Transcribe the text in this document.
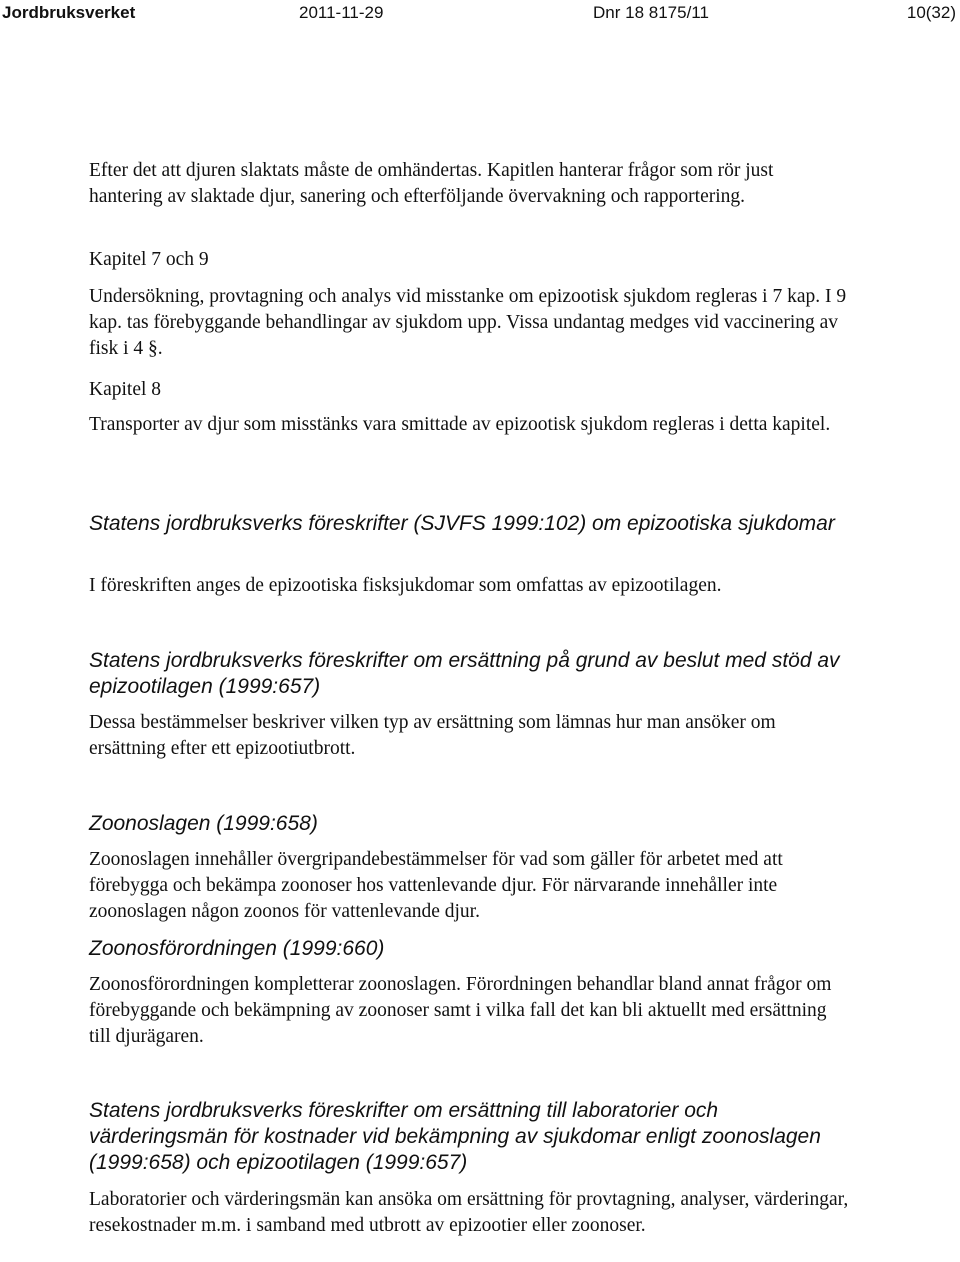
Jordbruksverket	2011-11-29	Dnr 18 8175/11	10(32)
Efter det att djuren slaktats måste de omhändertas. Kapitlen hanterar frågor som rör just hantering av slaktade djur, sanering och efterföljande övervakning och rapportering.
Kapitel 7 och 9
Undersökning, provtagning och analys vid misstanke om epizootisk sjukdom regleras i 7 kap. I 9 kap. tas förebyggande behandlingar av sjukdom upp. Vissa undantag medges vid vaccinering av fisk i 4 §.
Kapitel 8
Transporter av djur som misstänks vara smittade av epizootisk sjukdom regleras i detta kapitel.
Statens jordbruksverks föreskrifter (SJVFS 1999:102) om epizootiska sjukdomar
I föreskriften anges de epizootiska fisksjukdomar som omfattas av epizootilagen.
Statens jordbruksverks föreskrifter om ersättning på grund av beslut med stöd av epizootilagen (1999:657)
Dessa bestämmelser beskriver vilken typ av ersättning som lämnas hur man ansöker om ersättning efter ett epizootiutbrott.
Zoonoslagen (1999:658)
Zoonoslagen innehåller övergripandebestämmelser för vad som gäller för arbetet med att förebygga och bekämpa zoonoser hos vattenlevande djur. För närvarande innehåller inte zoonoslagen någon zoonos för vattenlevande djur.
Zoonosförordningen (1999:660)
Zoonosförordningen kompletterar zoonoslagen. Förordningen behandlar bland annat frågor om förebyggande och bekämpning av zoonoser samt i vilka fall det kan bli aktuellt med ersättning till djurägaren.
Statens jordbruksverks föreskrifter om ersättning till laboratorier och värderingsmän för kostnader vid bekämpning av sjukdomar enligt zoonoslagen (1999:658) och epizootilagen (1999:657)
Laboratorier och värderingsmän kan ansöka om ersättning för provtagning, analyser, värderingar, resekostnader m.m. i samband med utbrott av epizootier eller zoonoser.
